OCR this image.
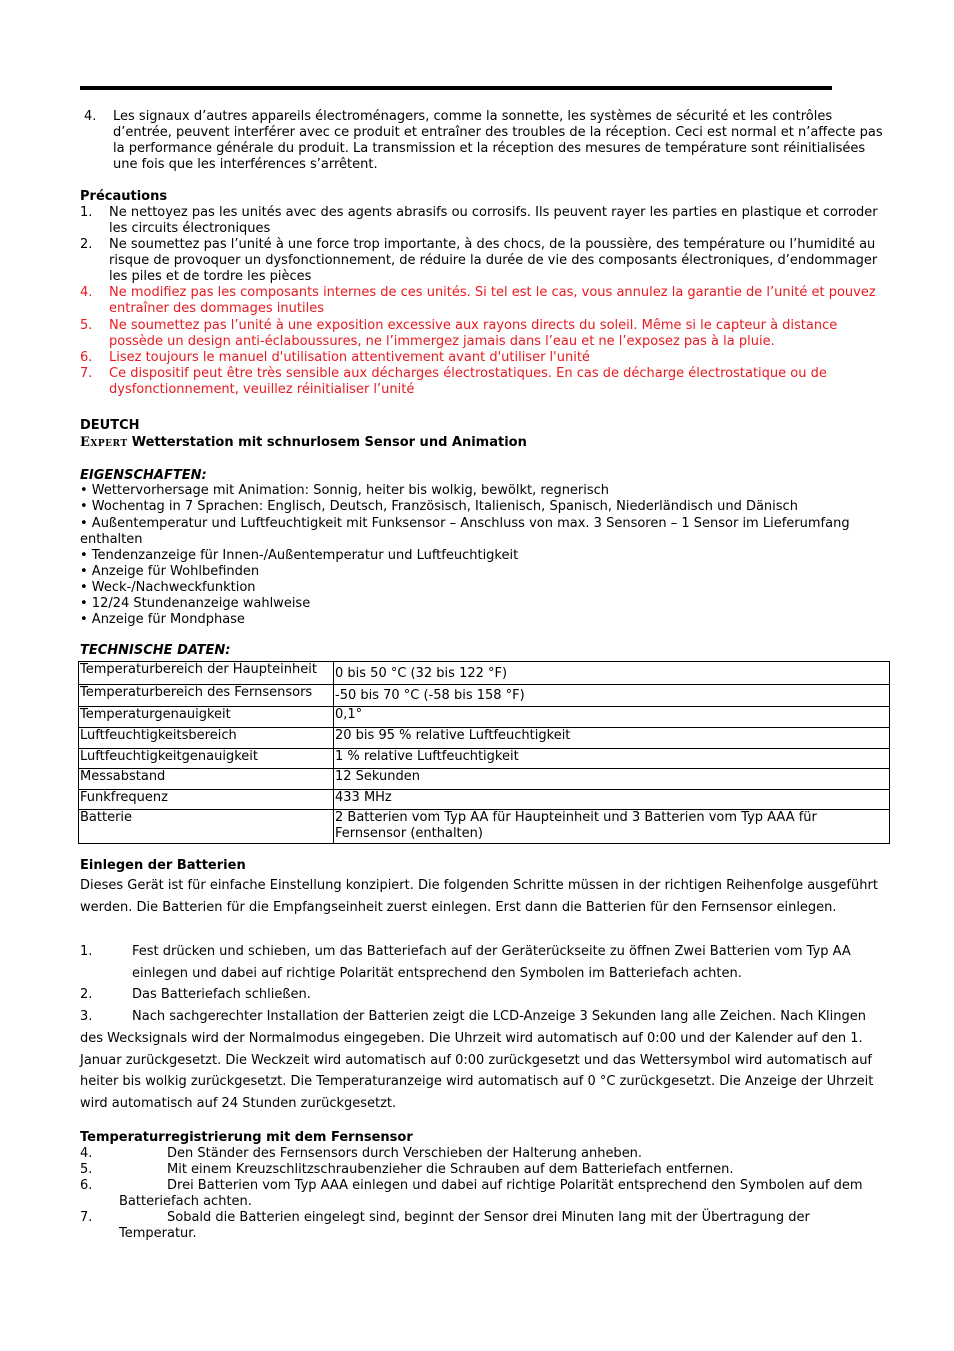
4. Les signaux d’autres appareils électroménagers, comme la sonnette, les systèmes de sécurité et les contrôles d’entrée, peuvent interférer avec ce produit et entraîner des troubles de la réception. Ceci est normal et n’affecte pas la performance générale du produit. La transmission et la réception des mesures de température sont réinitialisées une fois que les interférences s’arrêtent.
Précautions
1. Ne nettoyez pas les unités avec des agents abrasifs ou corrosifs. Ils peuvent rayer les parties en plastique et corroder les circuits électroniques
2. Ne soumettez pas l’unité à une force trop importante, à des chocs, de la poussière, des température ou l’humidité au risque de provoquer un dysfonctionnement, de réduire la durée de vie des composants électroniques, d’endommager les piles et de tordre les pièces
4. Ne modifiez pas les composants internes de ces unités. Si tel est le cas, vous annulez la garantie de l’unité et pouvez entraîner des dommages inutiles
5. Ne soumettez pas l’unité à une exposition excessive aux rayons directs du soleil. Même si le capteur à distance possède un design anti-éclaboussures, ne l’immergez jamais dans l’eau et ne l’exposez pas à la pluie.
6. Lisez toujours le manuel d'utilisation attentivement avant d'utiliser l'unité
7. Ce dispositif peut être très sensible aux décharges électrostatiques. En cas de décharge électrostatique ou de dysfonctionnement, veuillez réinitialiser l’unité
DEUTCH
Expert Wetterstation mit schnurlosem Sensor und Animation
EIGENSCHAFTEN:
• Wettervorhersage mit Animation: Sonnig, heiter bis wolkig, bewölkt, regnerisch
• Wochentag in 7 Sprachen: Englisch, Deutsch, Französisch, Italienisch, Spanisch, Niederländisch und Dänisch
• Außentemperatur und Luftfeuchtigkeit mit Funksensor – Anschluss von max. 3 Sensoren – 1 Sensor im Lieferumfang enthalten
• Tendenzanzeige für Innen-/Außentemperatur und Luftfeuchtigkeit
• Anzeige für Wohlbefinden
• Weck-/Nachweckfunktion
• 12/24 Stundenanzeige wahlweise
• Anzeige für Mondphase
TECHNISCHE DATEN:
Temperaturbereich der Haupteinheit	0 bis 50 °C (32 bis 122 °F)
Temperaturbereich des Fernsensors	-50 bis 70 °C (-58 bis 158 °F)
Temperaturgenauigkeit	0,1°
Luftfeuchtigkeitsbereich	20 bis 95 % relative Luftfeuchtigkeit
Luftfeuchtigkeitgenauigkeit	1 % relative Luftfeuchtigkeit
Messabstand	12 Sekunden
Funkfrequenz	433 MHz
Batterie	2 Batterien vom Typ AA für Haupteinheit und 3 Batterien vom Typ AAA für Fernsensor (enthalten)
Einlegen der Batterien
Dieses Gerät ist für einfache Einstellung konzipiert. Die folgenden Schritte müssen in der richtigen Reihenfolge ausgeführt werden. Die Batterien für die Empfangseinheit zuerst einlegen. Erst dann die Batterien für den Fernsensor einlegen.
1.	Fest drücken und schieben, um das Batteriefach auf der Geräterückseite zu öffnen Zwei Batterien vom Typ AA einlegen und dabei auf richtige Polarität entsprechend den Symbolen im Batteriefach achten.
2.	Das Batteriefach schließen.
3.	Nach sachgerechter Installation der Batterien zeigt die LCD-Anzeige 3 Sekunden lang alle Zeichen. Nach Klingen des Wecksignals wird der Normalmodus eingegeben. Die Uhrzeit wird automatisch auf 0:00 und der Kalender auf den 1. Januar zurückgesetzt. Die Weckzeit wird automatisch auf 0:00 zurückgesetzt und das Wettersymbol wird automatisch auf heiter bis wolkig zurückgesetzt. Die Temperaturanzeige wird automatisch auf 0 °C zurückgesetzt. Die Anzeige der Uhrzeit wird automatisch auf 24 Stunden zurückgesetzt.
Temperaturregistrierung mit dem Fernsensor
4.	Den Ständer des Fernsensors durch Verschieben der Halterung anheben.
5.	Mit einem Kreuzschlitzschraubenzieher die Schrauben auf dem Batteriefach entfernen.
6.	Drei Batterien vom Typ AAA einlegen und dabei auf richtige Polarität entsprechend den Symbolen auf dem Batteriefach achten.
7.	Sobald die Batterien eingelegt sind, beginnt der Sensor drei Minuten lang mit der Übertragung der Temperatur.
